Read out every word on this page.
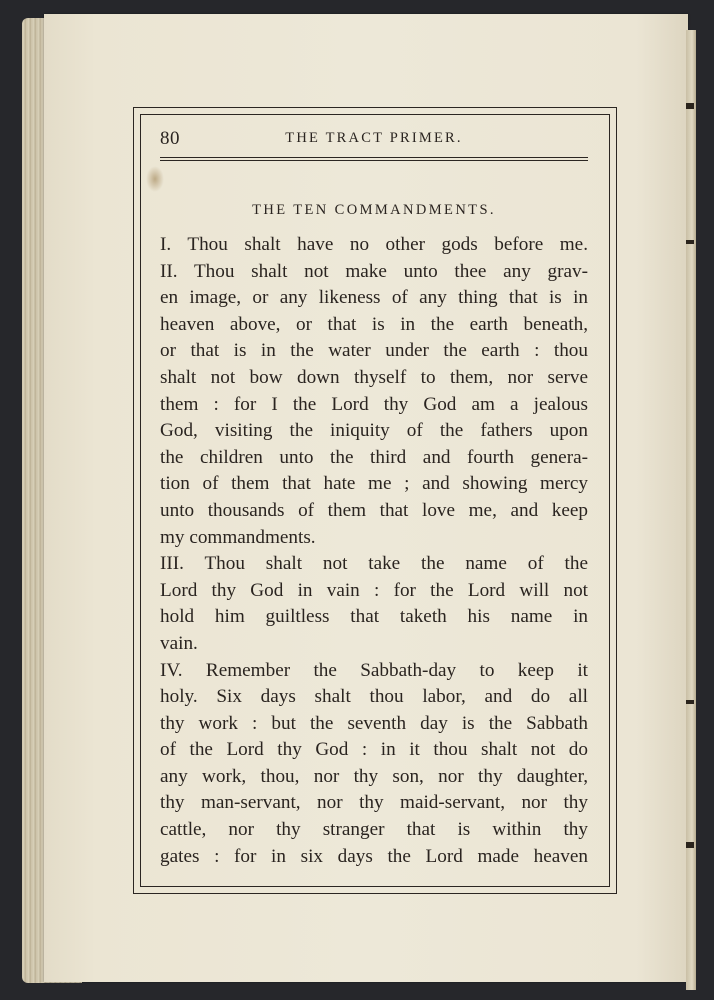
80	THE TRACT PRIMER.
THE TEN COMMANDMENTS.
I. Thou shalt have no other gods before me.
II. Thou shalt not make unto thee any grav-
en image, or any likeness of any thing that is in
heaven above, or that is in the earth beneath,
or that is in the water under the earth : thou
shalt not bow down thyself to them, nor serve
them : for I the Lord thy God am a jealous
God, visiting the iniquity of the fathers upon
the children unto the third and fourth genera-
tion of them that hate me ; and showing mercy
unto thousands of them that love me, and keep
my commandments.
III. Thou shalt not take the name of the
Lord thy God in vain : for the Lord will not
hold him guiltless that taketh his name in
vain.
IV. Remember the Sabbath-day to keep it
holy. Six days shalt thou labor, and do all
thy work : but the seventh day is the Sabbath
of the Lord thy God : in it thou shalt not do
any work, thou, nor thy son, nor thy daughter,
thy man-servant, nor thy maid-servant, nor thy
cattle, nor thy stranger that is within thy
gates : for in six days the Lord made heaven
